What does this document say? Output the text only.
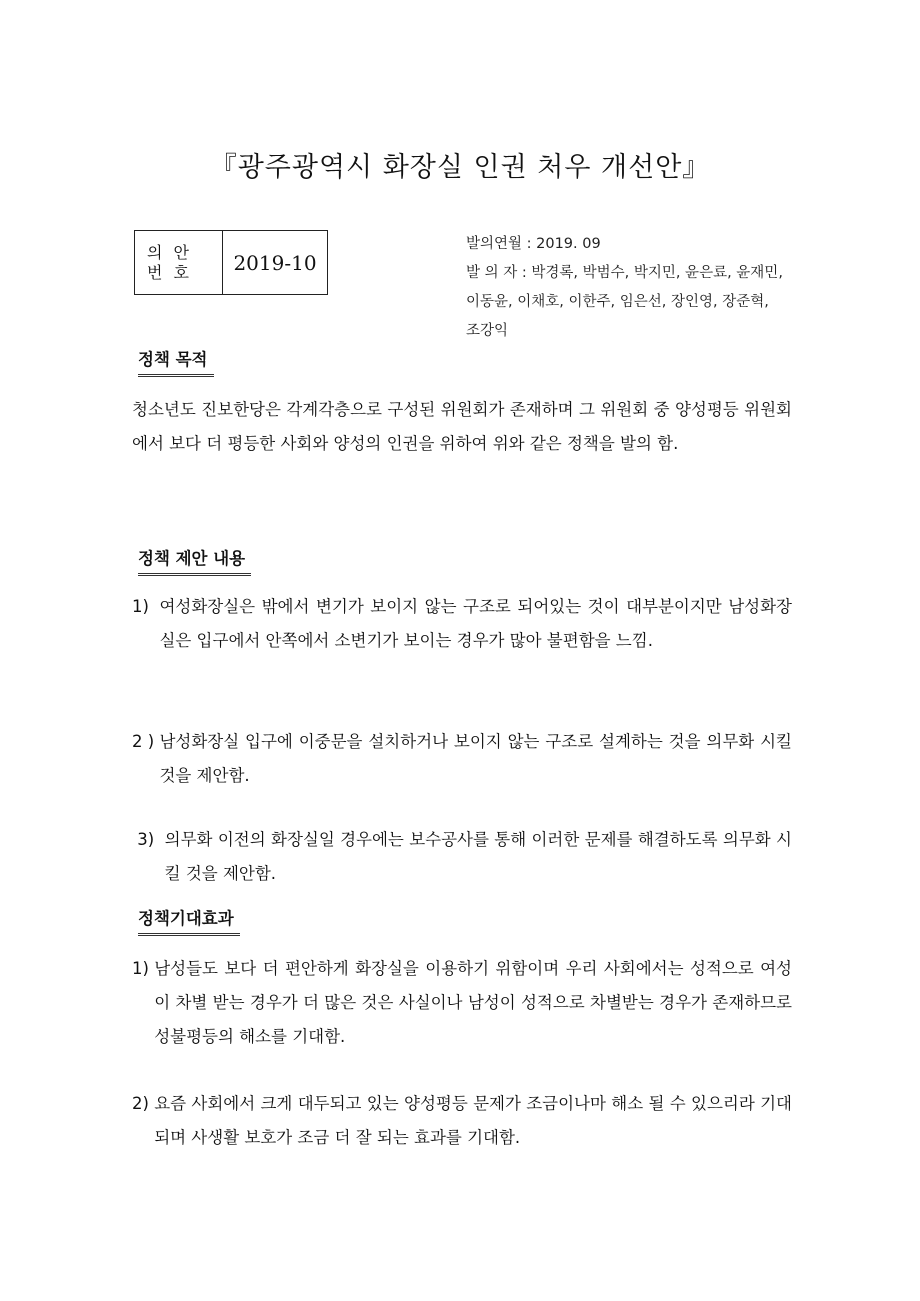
『광주광역시 화장실 인권 처우 개선안』
의 안
번 호	2019-10
발의연월 : 2019. 09
발 의 자 : 박경록, 박범수, 박지민, 윤은료, 윤재민,
이동윤, 이채호, 이한주, 임은선, 장인영, 장준혁,
조강익
정책 목적
청소년도 진보한당은 각계각층으로 구성된 위원회가 존재하며 그 위원회 중 양성평등 위원회에서 보다 더 평등한 사회와 양성의 인권을 위하여 위와 같은 정책을 발의 함.
정책 제안 내용
1) 여성화장실은 밖에서 변기가 보이지 않는 구조로 되어있는 것이 대부분이지만 남성화장실은 입구에서 안쪽에서 소변기가 보이는 경우가 많아 불편함을 느낌.
2 ) 남성화장실 입구에 이중문을 설치하거나 보이지 않는 구조로 설계하는 것을 의무화 시킬 것을 제안함.
3) 의무화 이전의 화장실일 경우에는 보수공사를 통해 이러한 문제를 해결하도록 의무화 시킬 것을 제안함.
정책기대효과
1) 남성들도 보다 더 편안하게 화장실을 이용하기 위함이며 우리 사회에서는 성적으로 여성이 차별 받는 경우가 더 많은 것은 사실이나 남성이 성적으로 차별받는 경우가 존재하므로 성불평등의 해소를 기대함.
2) 요즘 사회에서 크게 대두되고 있는 양성평등 문제가 조금이나마 해소 될 수 있으리라 기대되며 사생활 보호가 조금 더 잘 되는 효과를 기대함.
